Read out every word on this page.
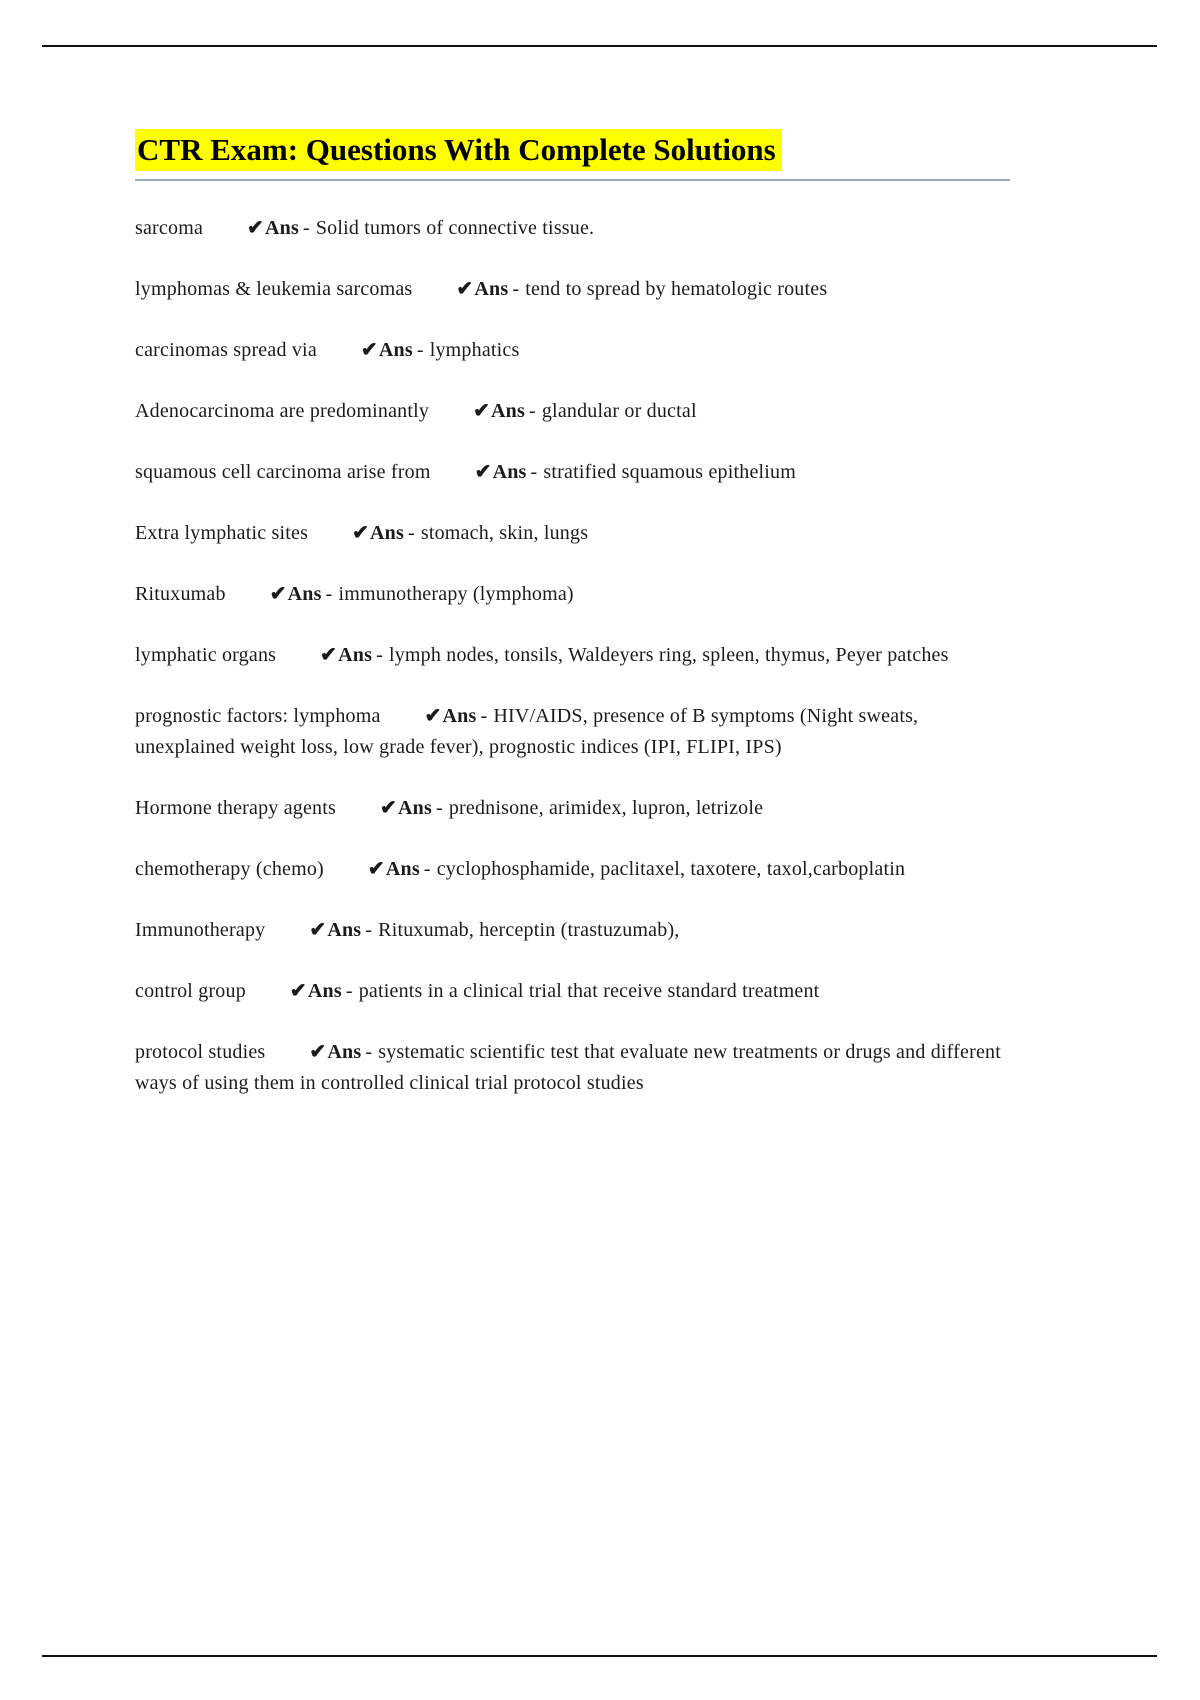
CTR Exam: Questions With Complete Solutions

sarcoma ✔Ans - Solid tumors of connective tissue.

lymphomas & leukemia sarcomas ✔Ans - tend to spread by hematologic routes

carcinomas spread via ✔Ans - lymphatics

Adenocarcinoma are predominantly ✔Ans - glandular or ductal

squamous cell carcinoma arise from ✔Ans - stratified squamous epithelium

Extra lymphatic sites ✔Ans - stomach, skin, lungs

Rituxumab ✔Ans - immunotherapy (lymphoma)

lymphatic organs ✔Ans - lymph nodes, tonsils, Waldeyers ring, spleen, thymus, Peyer patches

prognostic factors: lymphoma ✔Ans - HIV/AIDS, presence of B symptoms (Night sweats, unexplained weight loss, low grade fever), prognostic indices (IPI, FLIPI, IPS)

Hormone therapy agents ✔Ans - prednisone, arimidex, lupron, letrizole

chemotherapy (chemo) ✔Ans - cyclophosphamide, paclitaxel, taxotere, taxol,carboplatin

Immunotherapy ✔Ans - Rituxumab, herceptin (trastuzumab),

control group ✔Ans - patients in a clinical trial that receive standard treatment

protocol studies ✔Ans - systematic scientific test that evaluate new treatments or drugs and different ways of using them in controlled clinical trial protocol studies
